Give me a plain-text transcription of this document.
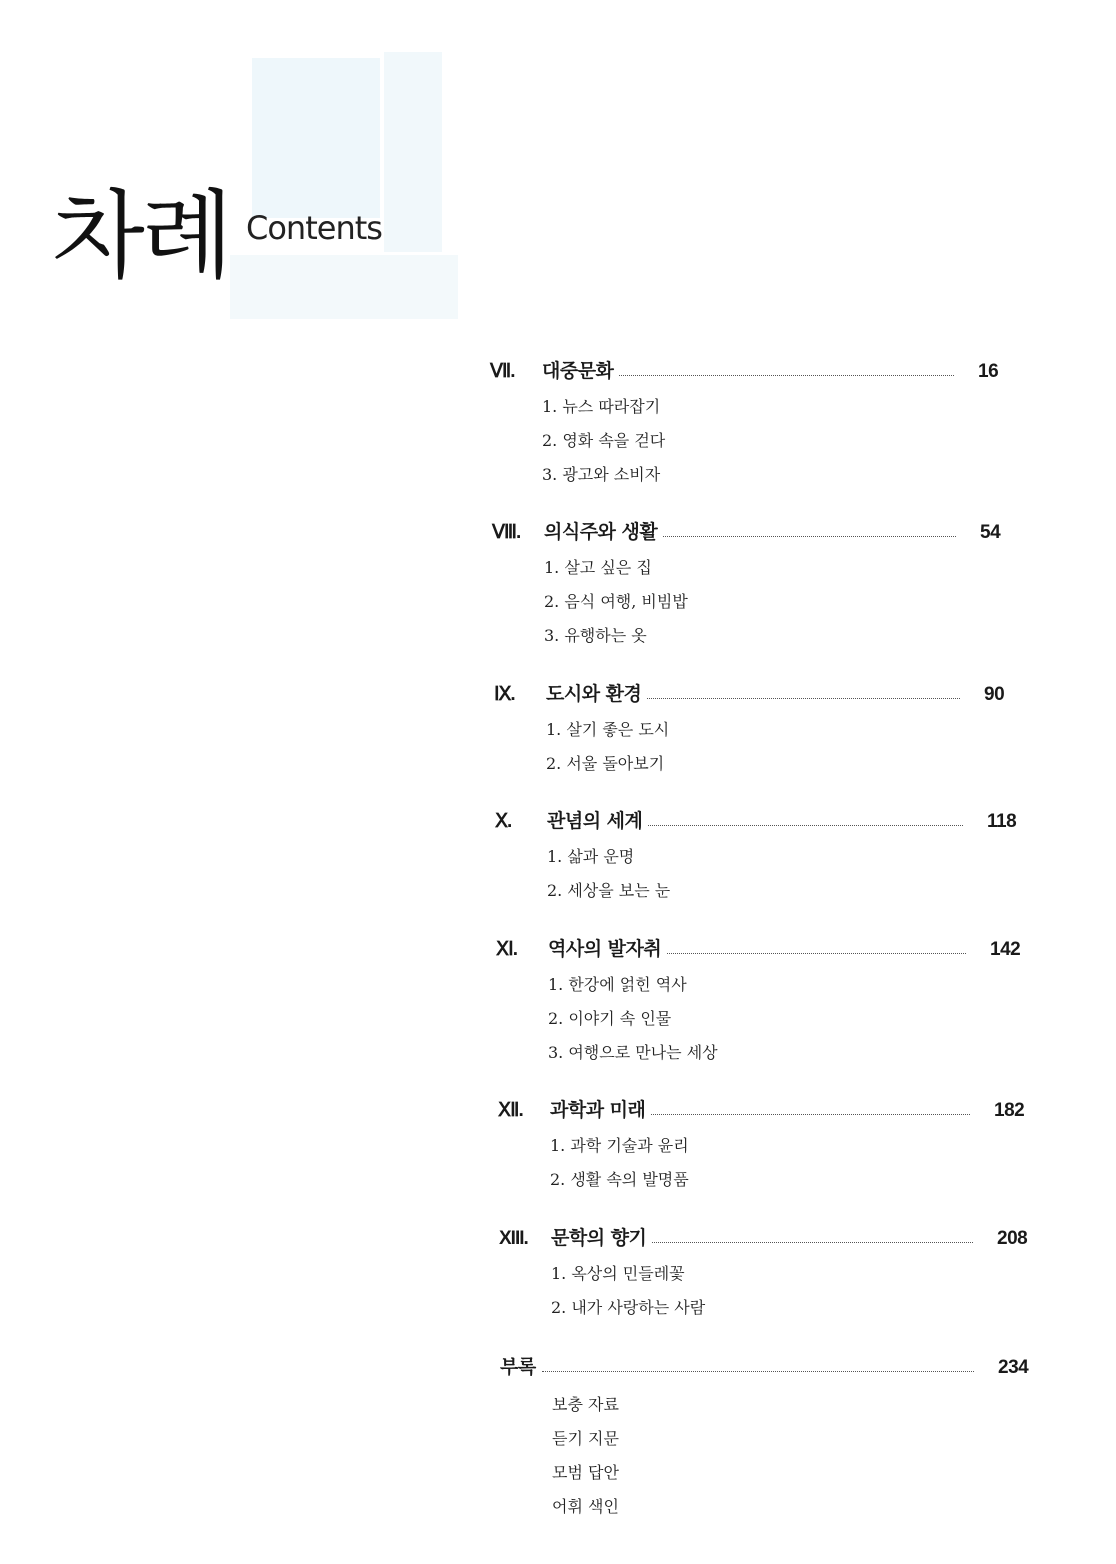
차례 Contents
Ⅶ.	대중문화	16
1. 뉴스 따라잡기
2. 영화 속을 걷다
3. 광고와 소비자
Ⅷ.	의식주와 생활	54
1. 살고 싶은 집
2. 음식 여행, 비빔밥
3. 유행하는 옷
Ⅸ.	도시와 환경	90
1. 살기 좋은 도시
2. 서울 돌아보기
Ⅹ.	관념의 세계	118
1. 삶과 운명
2. 세상을 보는 눈
Ⅺ.	역사의 발자취	142
1. 한강에 얽힌 역사
2. 이야기 속 인물
3. 여행으로 만나는 세상
Ⅻ.	과학과 미래	182
1. 과학 기술과 윤리
2. 생활 속의 발명품
XIII.	문학의 향기	208
1. 옥상의 민들레꽃
2. 내가 사랑하는 사람
부록	234
보충 자료
듣기 지문
모범 답안
어휘 색인
